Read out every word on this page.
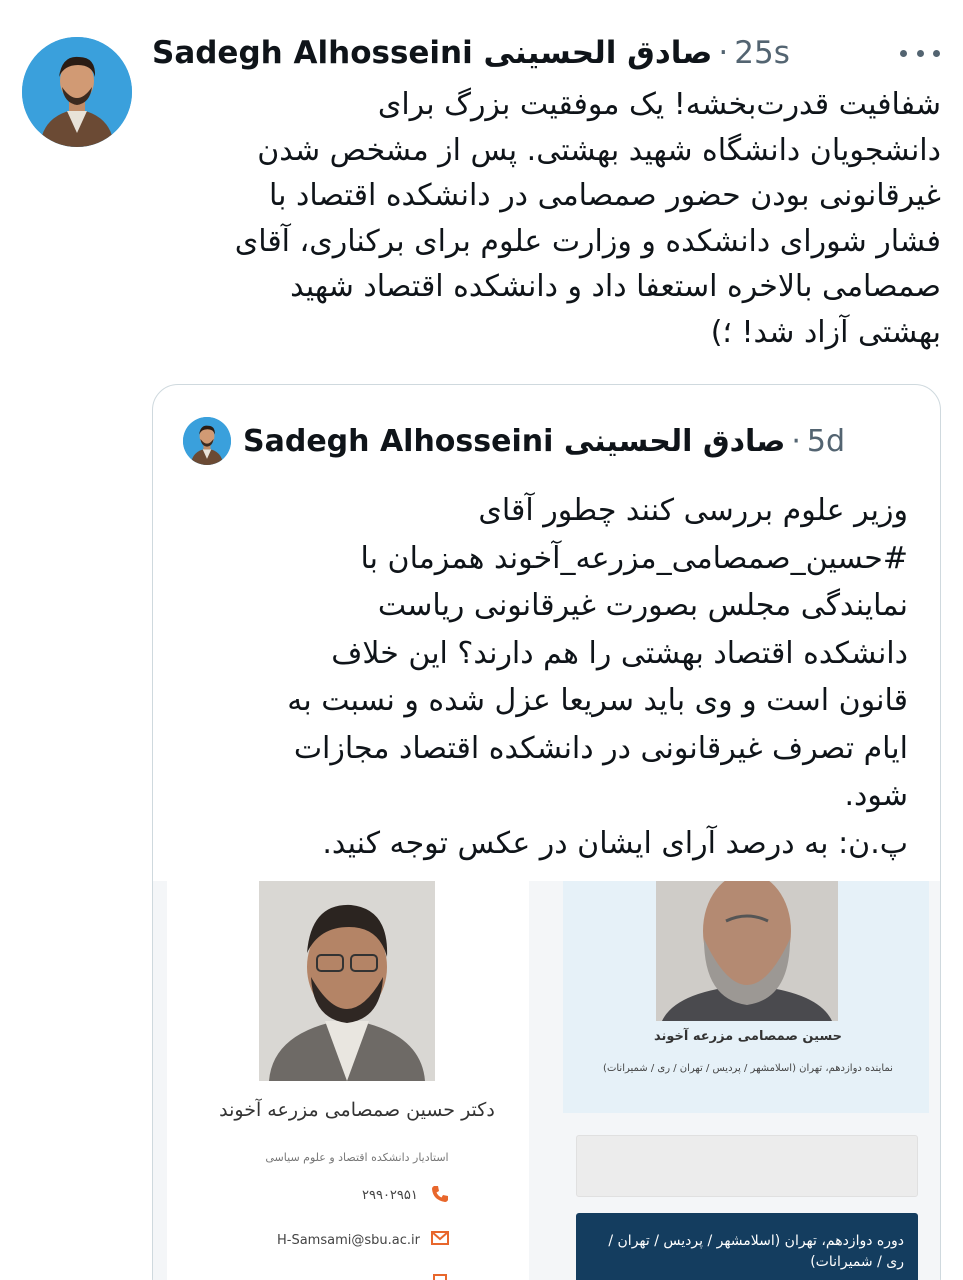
Sadegh Alhosseini صادق الحسینی · 25s
شفافیت قدرت‌بخشه! یک موفقیت بزرگ برای
دانشجویان دانشگاه شهید بهشتی. پس از مشخص شدن
غیرقانونی بودن حضور صمصامی در دانشکده اقتصاد با
فشار شورای دانشکده و وزارت علوم برای برکناری، آقای
صمصامی بالاخره استعفا داد و دانشکده اقتصاد شهید
بهشتی آزاد شد! ؛)
Sadegh Alhosseini صادق الحسینی · 5d
وزیر علوم بررسی کنند چطور آقای
#حسین_صمصامی_مزرعه_آخوند همزمان با
نمایندگی مجلس بصورت غیرقانونی ریاست
دانشکده اقتصاد بهشتی را هم دارند؟ این خلاف
قانون است و وی باید سریعا عزل شده و نسبت به
ایام تصرف غیرقانونی در دانشکده اقتصاد مجازات
شود.
پ.ن: به درصد آرای ایشان در عکس توجه کنید.
دکتر حسین صمصامی مزرعه آخوند
استادیار دانشکده اقتصاد و علوم سیاسی
۲۹۹۰۲۹۵۱
H-Samsami@sbu.ac.ir
حسین صمصامی مزرعه آخوند
نماینده دوازدهم، تهران (اسلامشهر / پردیس / تهران / ری / شمیرانات)
دوره دوازدهم، تهران (اسلامشهر / پردیس / تهران / ری / شمیرانات)
